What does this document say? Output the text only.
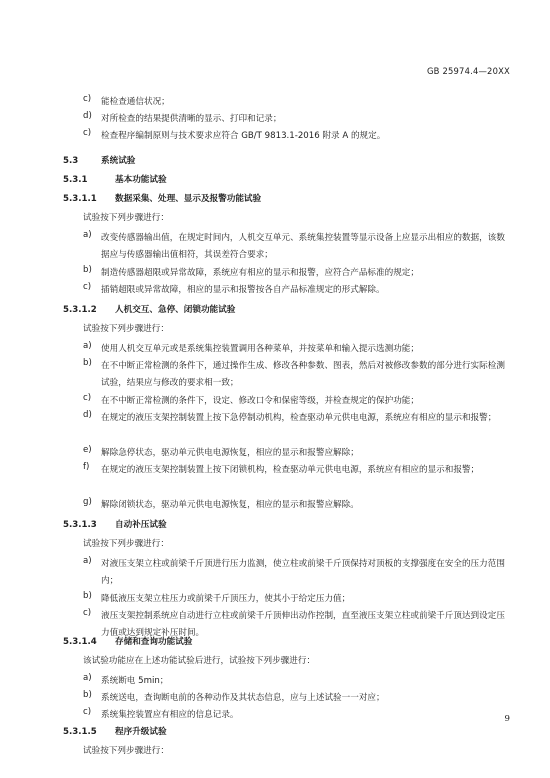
GB 25974.4—20XX
c) 能检查通信状况；
d) 对所检查的结果提供清晰的显示、打印和记录；
c) 检查程序编制原则与技术要求应符合 GB/T 9813.1-2016 附录 A 的规定。
5.3	系统试验
5.3.1	基本功能试验
5.3.1.1 数据采集、处理、显示及报警功能试验
试验按下列步骤进行：
a) 改变传感器输出值，在规定时间内，人机交互单元、系统集控装置等显示设备上应显示出相应的数据，该数据应与传感器输出值相符，其误差符合要求；
b) 制造传感器超限或异常故障，系统应有相应的显示和报警，应符合产品标准的规定；
c) 插销超限或异常故障，相应的显示和报警按各自产品标准规定的形式解除。
5.3.1.2 人机交互、急停、闭锁功能试验
试验按下列步骤进行：
a) 使用人机交互单元或是系统集控装置调用各种菜单，并按菜单和输入提示选测功能；
b) 在不中断正常检测的条件下，通过操作生成、修改各种参数、图表，然后对被修改参数的部分进行实际检测试验，结果应与修改的要求相一致；
c) 在不中断正常检测的条件下，设定、修改口令和保密等级，并检查规定的保护功能；
d) 在规定的液压支架控制装置上按下急停制动机构，检查驱动单元供电电源，系统应有相应的显示和报警；
e) 解除急停状态，驱动单元供电电源恢复，相应的显示和报警应解除；
f) 在规定的液压支架控制装置上按下闭锁机构，检查驱动单元供电电源，系统应有相应的显示和报警；
g) 解除闭锁状态，驱动单元供电电源恢复，相应的显示和报警应解除。
5.3.1.3 自动补压试验
试验按下列步骤进行：
a) 对液压支架立柱或前梁千斤顶进行压力监测，使立柱或前梁千斤顶保持对顶板的支撑强度在安全的压力范围内；
b) 降低液压支架立柱压力或前梁千斤顶压力，使其小于给定压力值；
c) 液压支架控制系统应自动进行立柱或前梁千斤顶伸出动作控制，直至液压支架立柱或前梁千斤顶达到设定压力值或达到规定补压时间。
5.3.1.4 存储和查询功能试验
该试验功能应在上述功能试验后进行，试验按下列步骤进行：
a) 系统断电 5min；
b) 系统送电，查询断电前的各种动作及其状态信息，应与上述试验一一对应；
c) 系统集控装置应有相应的信息记录。
5.3.1.5 程序升级试验
试验按下列步骤进行：
9
